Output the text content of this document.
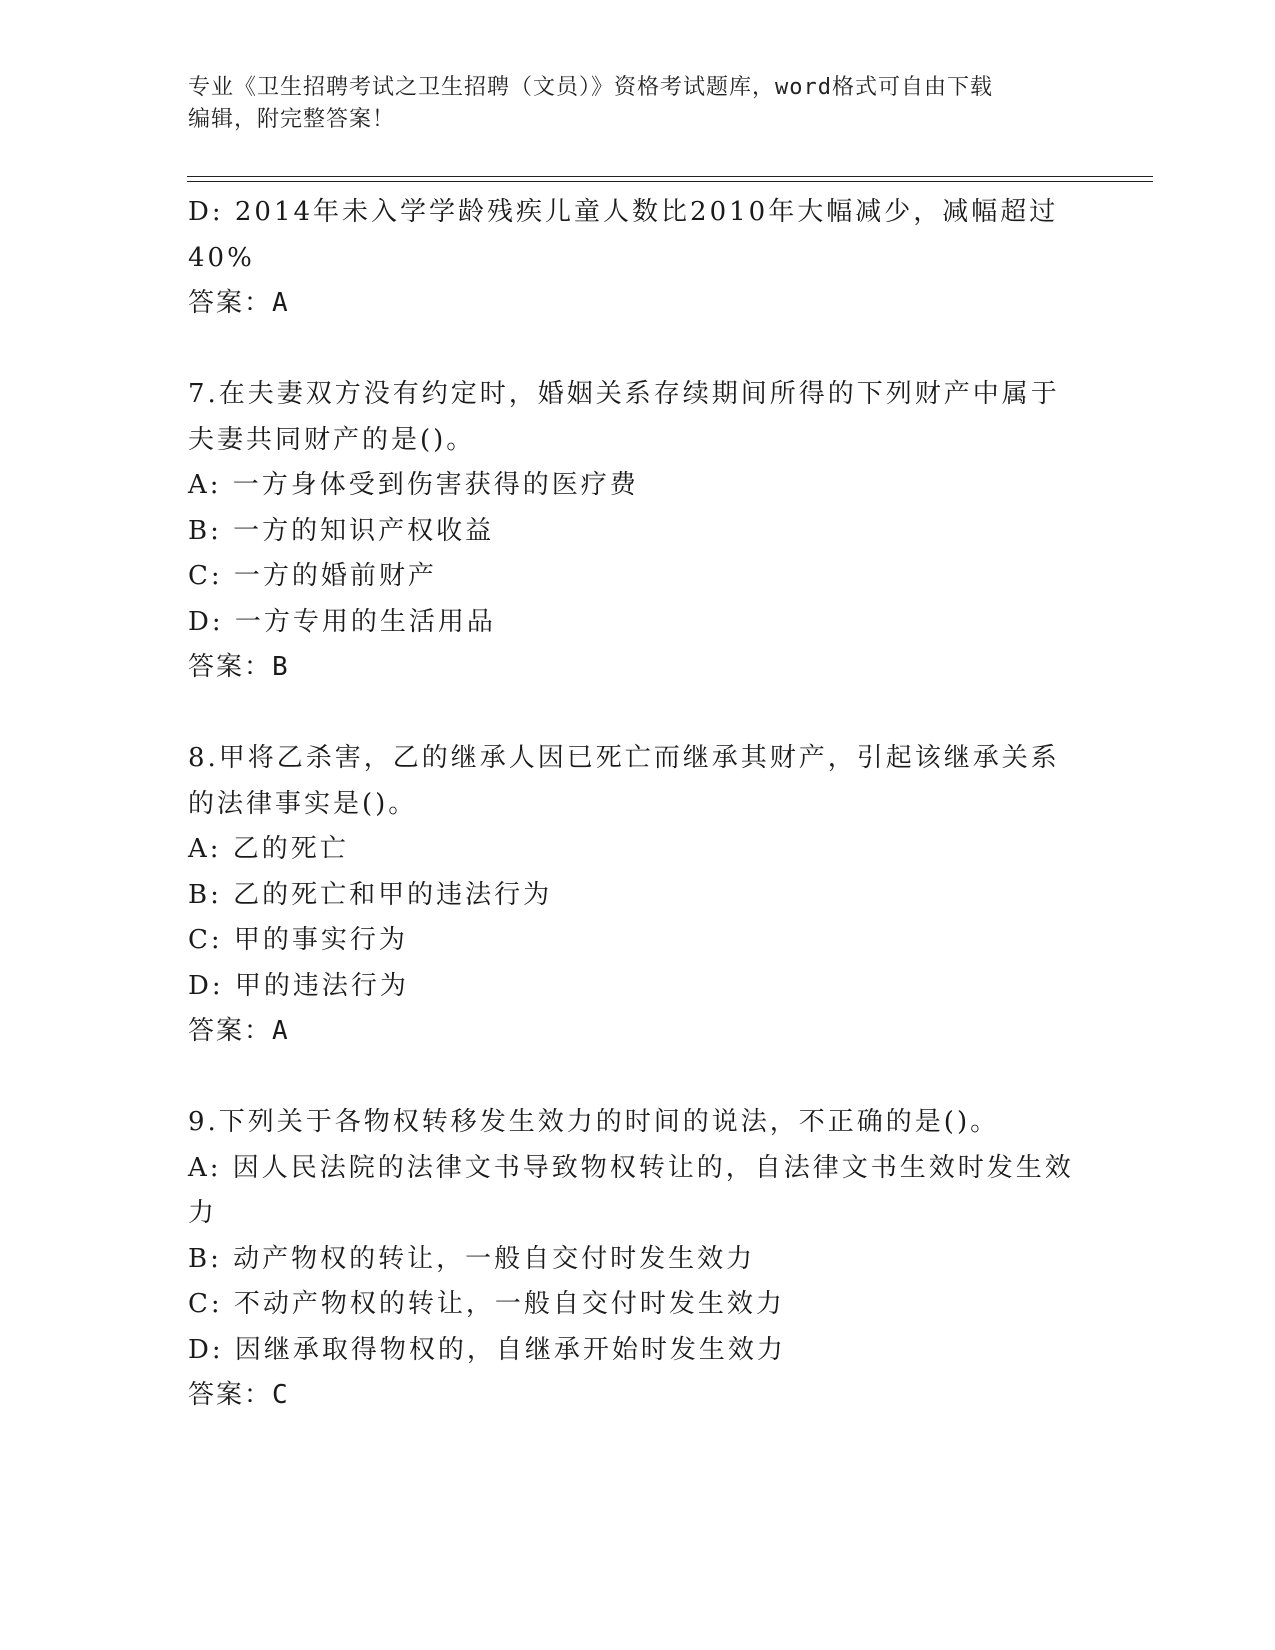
专业《卫生招聘考试之卫生招聘（文员）》资格考试题库，word格式可自由下载
编辑，附完整答案！
D: 2014年未入学学龄残疾儿童人数比2010年大幅减少，减幅超过
40%
答案：A
7.在夫妻双方没有约定时，婚姻关系存续期间所得的下列财产中属于
夫妻共同财产的是()。
A: 一方身体受到伤害获得的医疗费
B: 一方的知识产权收益
C: 一方的婚前财产
D: 一方专用的生活用品
答案：B
8.甲将乙杀害，乙的继承人因已死亡而继承其财产，引起该继承关系
的法律事实是()。
A: 乙的死亡
B: 乙的死亡和甲的违法行为
C: 甲的事实行为
D: 甲的违法行为
答案：A
9.下列关于各物权转移发生效力的时间的说法，不正确的是()。
A: 因人民法院的法律文书导致物权转让的，自法律文书生效时发生效
力
B: 动产物权的转让，一般自交付时发生效力
C: 不动产物权的转让，一般自交付时发生效力
D: 因继承取得物权的，自继承开始时发生效力
答案：C
